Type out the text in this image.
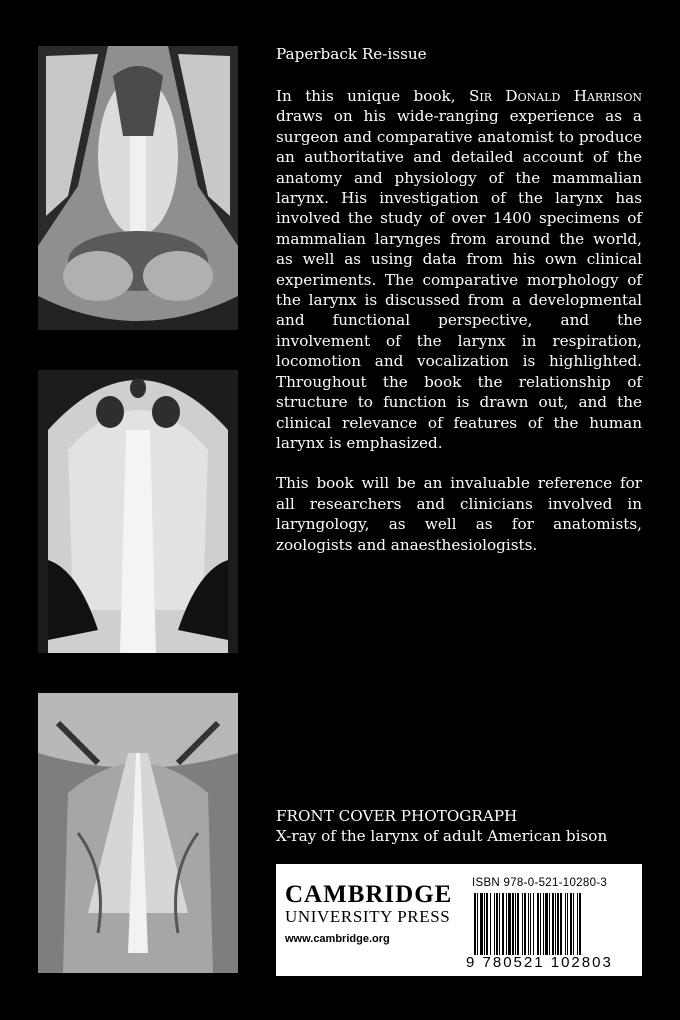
Paperback Re-issue

In this unique book, Sir Donald Harrison draws on his wide-ranging experience as a surgeon and comparative anatomist to produce an authoritative and detailed account of the anatomy and physiology of the mammalian larynx. His investigation of the larynx has involved the study of over 1400 specimens of mammalian larynges from around the world, as well as using data from his own clinical experiments. The comparative morphology of the larynx is discussed from a developmental and functional perspective, and the involvement of the larynx in respiration, locomotion and vocalization is highlighted. Throughout the book the relationship of structure to function is drawn out, and the clinical relevance of features of the human larynx is emphasized.

This book will be an invaluable reference for all researchers and clinicians involved in laryngology, as well as for anatomists, zoologists and anaesthesiologists.

FRONT COVER PHOTOGRAPH
X-ray of the larynx of adult American bison
CAMBRIDGE
UNIVERSITY PRESS
www.cambridge.org
ISBN 978-0-521-10280-3
9 780521 102803
